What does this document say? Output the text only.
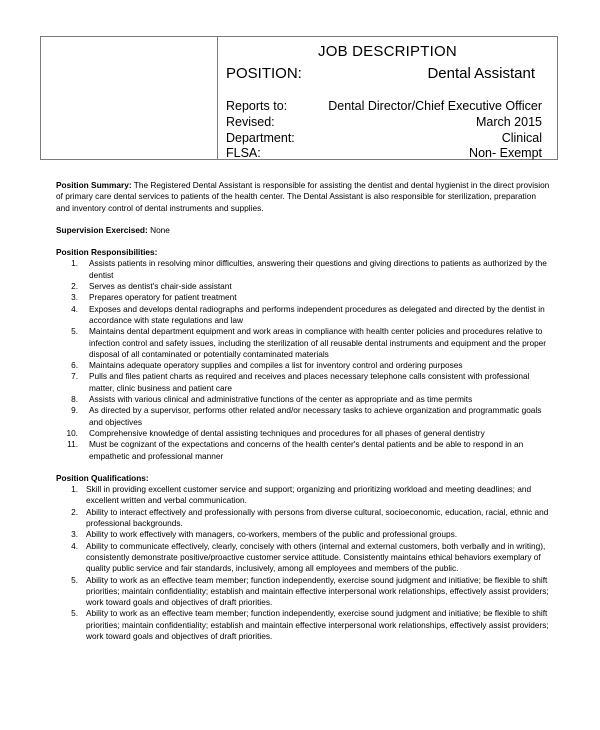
JOB DESCRIPTION
POSITION:	Dental Assistant
Reports to:	Dental Director/Chief Executive Officer
Revised:	March 2015
Department:	Clinical
FLSA:	Non- Exempt

Position Summary: The Registered Dental Assistant is responsible for assisting the dentist and dental hygienist in the direct provision of primary care dental services to patients of the health center. The Dental Assistant is also responsible for sterilization, preparation and inventory control of dental instruments and supplies.

Supervision Exercised: None

Position Responsibilities:

1. Assists patients in resolving minor difficulties, answering their questions and giving directions to patients as authorized by the dentist
2. Serves as dentist's chair-side assistant
3. Prepares operatory for patient treatment
4. Exposes and develops dental radiographs and performs independent procedures as delegated and directed by the dentist in accordance with state regulations and law
5. Maintains dental department equipment and work areas in compliance with health center policies and procedures relative to infection control and safety issues, including the sterilization of all reusable dental instruments and equipment and the proper disposal of all contaminated or potentially contaminated materials
6. Maintains adequate operatory supplies and compiles a list for inventory control and ordering purposes
7. Pulls and files patient charts as required and receives and places necessary telephone calls consistent with professional matter, clinic business and patient care
8. Assists with various clinical and administrative functions of the center as appropriate and as time permits
9. As directed by a supervisor, performs other related and/or necessary tasks to achieve organization and programmatic goals and objectives
10. Comprehensive knowledge of dental assisting techniques and procedures for all phases of general dentistry
11. Must be cognizant of the expectations and concerns of the health center's dental patients and be able to respond in an empathetic and professional manner

Position Qualifications:

1. Skill in providing excellent customer service and support; organizing and prioritizing workload and meeting deadlines; and excellent written and verbal communication.
2. Ability to interact effectively and professionally with persons from diverse cultural, socioeconomic, education, racial, ethnic and professional backgrounds.
3. Ability to work effectively with managers, co-workers, members of the public and professional groups.
4. Ability to communicate effectively, clearly, concisely with others (internal and external customers, both verbally and in writing), consistently demonstrate positive/proactive customer service attitude. Consistently maintains ethical behaviors exemplary of quality public service and fair standards, inclusively, among all employees and members of the public.
5. Ability to work as an effective team member; function independently, exercise sound judgment and initiative; be flexible to shift priorities; maintain confidentiality; establish and maintain effective interpersonal work relationships, effectively assist providers; work toward goals and objectives of draft priorities.
5. Ability to work as an effective team member; function independently, exercise sound judgment and initiative; be flexible to shift priorities; maintain confidentiality; establish and maintain effective interpersonal work relationships, effectively assist providers; work toward goals and objectives of draft priorities.
